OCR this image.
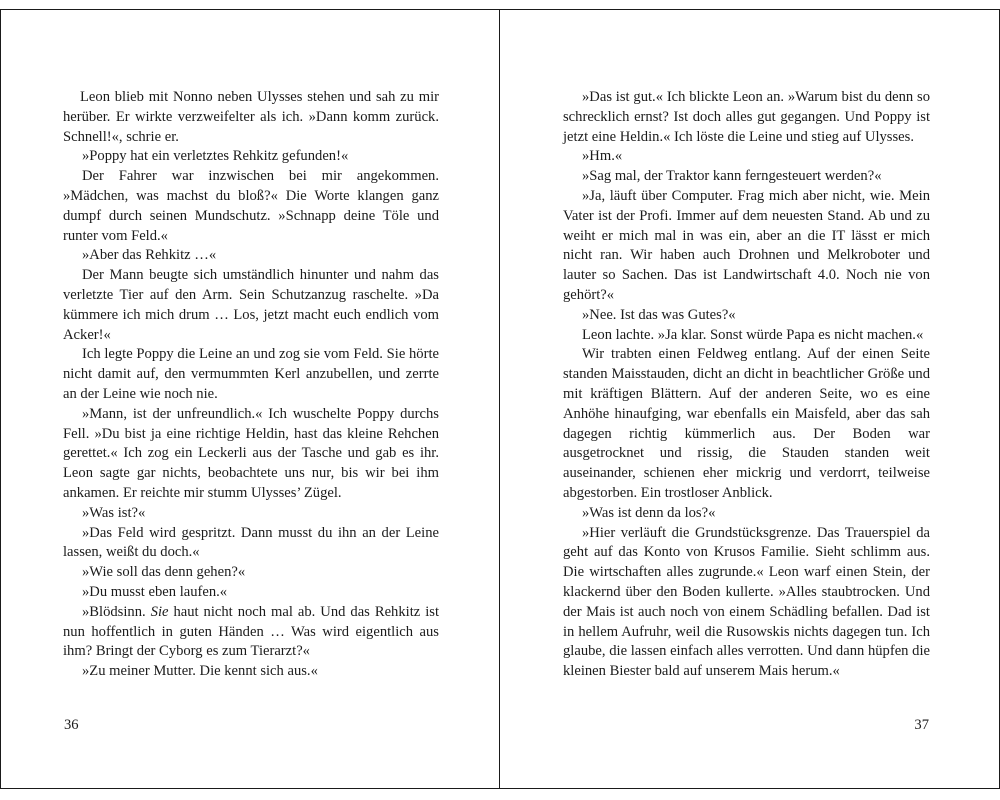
Leon blieb mit Nonno neben Ulysses stehen und sah zu mir herüber. Er wirkte verzweifelter als ich. »Dann komm zurück. Schnell!«, schrie er.

»Poppy hat ein verletztes Rehkitz gefunden!«

Der Fahrer war inzwischen bei mir angekommen. »Mädchen, was machst du bloß?« Die Worte klangen ganz dumpf durch seinen Mundschutz. »Schnapp deine Töle und runter vom Feld.«

»Aber das Rehkitz …«

Der Mann beugte sich umständlich hinunter und nahm das verletzte Tier auf den Arm. Sein Schutzanzug raschelte. »Da kümmere ich mich drum … Los, jetzt macht euch endlich vom Acker!«

Ich legte Poppy die Leine an und zog sie vom Feld. Sie hörte nicht damit auf, den vermummten Kerl anzubellen, und zerrte an der Leine wie noch nie.

»Mann, ist der unfreundlich.« Ich wuschelte Poppy durchs Fell. »Du bist ja eine richtige Heldin, hast das kleine Rehchen gerettet.« Ich zog ein Leckerli aus der Tasche und gab es ihr. Leon sagte gar nichts, beobachtete uns nur, bis wir bei ihm ankamen. Er reichte mir stumm Ulysses’ Zügel.

»Was ist?«

»Das Feld wird gespritzt. Dann musst du ihn an der Leine lassen, weißt du doch.«

»Wie soll das denn gehen?«

»Du musst eben laufen.«

»Blödsinn. Sie haut nicht noch mal ab. Und das Rehkitz ist nun hoffentlich in guten Händen … Was wird eigentlich aus ihm? Bringt der Cyborg es zum Tierarzt?«

»Zu meiner Mutter. Die kennt sich aus.«

36

»Das ist gut.« Ich blickte Leon an. »Warum bist du denn so schrecklich ernst? Ist doch alles gut gegangen. Und Poppy ist jetzt eine Heldin.« Ich löste die Leine und stieg auf Ulysses.

»Hm.«

»Sag mal, der Traktor kann ferngesteuert werden?«

»Ja, läuft über Computer. Frag mich aber nicht, wie. Mein Vater ist der Profi. Immer auf dem neuesten Stand. Ab und zu weiht er mich mal in was ein, aber an die IT lässt er mich nicht ran. Wir haben auch Drohnen und Melkroboter und lauter so Sachen. Das ist Landwirtschaft 4.0. Noch nie von gehört?«

»Nee. Ist das was Gutes?«

Leon lachte. »Ja klar. Sonst würde Papa es nicht machen.«

Wir trabten einen Feldweg entlang. Auf der einen Seite standen Maisstauden, dicht an dicht in beachtlicher Größe und mit kräftigen Blättern. Auf der anderen Seite, wo es eine Anhöhe hinaufging, war ebenfalls ein Maisfeld, aber das sah dagegen richtig kümmerlich aus. Der Boden war ausgetrocknet und rissig, die Stauden standen weit auseinander, schienen eher mickrig und verdorrt, teilweise abgestorben. Ein trostloser Anblick.

»Was ist denn da los?«

»Hier verläuft die Grundstücksgrenze. Das Trauerspiel da geht auf das Konto von Krusos Familie. Sieht schlimm aus. Die wirtschaften alles zugrunde.« Leon warf einen Stein, der klackernd über den Boden kullerte. »Alles staubtrocken. Und der Mais ist auch noch von einem Schädling befallen. Dad ist in hellem Aufruhr, weil die Rusowskis nichts dagegen tun. Ich glaube, die lassen einfach alles verrotten. Und dann hüpfen die kleinen Biester bald auf unserem Mais herum.«

37
